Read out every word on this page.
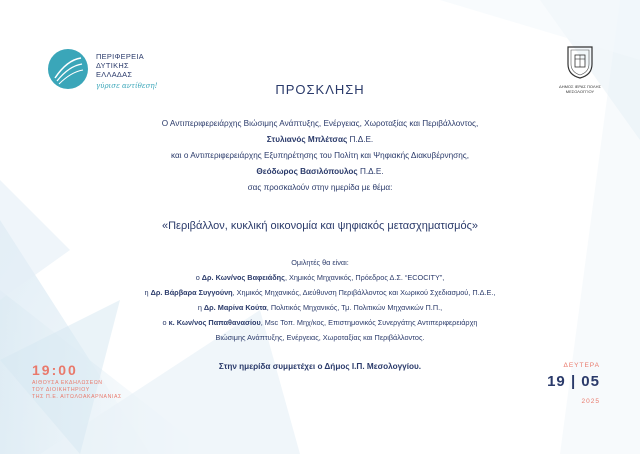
ΠΕΡΙΦΕΡΕΙΑ
ΔΥΤΙΚΗΣ
ΕΛΛΑΔΑΣ
γύρισε αντίθεση!	ΔΗΜΟΣ ΙΕΡΑΣ ΠΟΛΗΣ
ΜΕΣΟΛΟΓΓΙΟΥ
ΠΡΟΣΚΛΗΣΗ
Ο Αντιπεριφερειάρχης Βιώσιμης Ανάπτυξης, Ενέργειας, Χωροταξίας και Περιβάλλοντος,
Στυλιανός Μπλέτσας Π.Δ.Ε.
και ο Αντιπεριφερειάρχης Εξυπηρέτησης του Πολίτη και Ψηφιακής Διακυβέρνησης,
Θεόδωρος Βασιλόπουλος Π.Δ.Ε.
σας προσκαλούν στην ημερίδα με θέμα:
«Περιβάλλον, κυκλική οικονομία και ψηφιακός μετασχηματισμός»
Ομιλητές θα είναι:
ο Δρ. Κων/νος Βαφειάδης, Χημικός Μηχανικός, Πρόεδρος Δ.Σ. “ECOCITY”,
η Δρ. Βάρβαρα Συγγούνη, Χημικός Μηχανικός, Διεύθυνση Περιβάλλοντος και Χωρικού Σχεδιασμού, Π.Δ.Ε.,
η Δρ. Μαρίνα Κούτα, Πολιτικός Μηχανικός, Τμ. Πολιτικών Μηχανικών Π.Π.,
ο κ. Κων/νος Παπαθανασίου, Msc Τοπ. Μηχ/κος, Επιστημονικός Συνεργάτης Αντιπεριφερειάρχη
Βιώσιμης Ανάπτυξης, Ενέργειας, Χωροταξίας και Περιβάλλοντος.
Στην ημερίδα συμμετέχει ο Δήμος Ι.Π. Μεσολογγίου.
19:00
ΑΙΘΟΥΣΑ ΕΚΔΗΛΩΣΕΩΝ
ΤΟΥ ΔΙΟΙΚΗΤΗΡΙΟΥ
ΤΗΣ Π.Ε. ΑΙΤΩΛΟΑΚΑΡΝΑΝΙΑΣ
ΔΕΥΤΕΡΑ
19 | 05
2025
